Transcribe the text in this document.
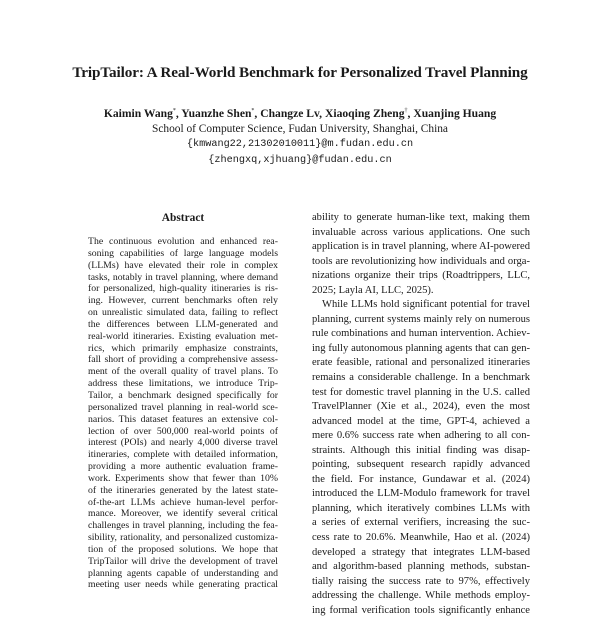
TripTailor: A Real-World Benchmark for Personalized Travel Planning
Kaimin Wang*, Yuanzhe Shen*, Changze Lv, Xiaoqing Zheng†, Xuanjing Huang
School of Computer Science, Fudan University, Shanghai, China
{kmwang22,21302010011}@m.fudan.edu.cn
{zhengxq,xjhuang}@fudan.edu.cn
Abstract
The continuous evolution and enhanced rea-
soning capabilities of large language models
(LLMs) have elevated their role in complex
tasks, notably in travel planning, where demand
for personalized, high-quality itineraries is ris-
ing. However, current benchmarks often rely
on unrealistic simulated data, failing to reflect
the differences between LLM-generated and
real-world itineraries. Existing evaluation met-
rics, which primarily emphasize constraints,
fall short of providing a comprehensive assess-
ment of the overall quality of travel plans. To
address these limitations, we introduce Trip-
Tailor, a benchmark designed specifically for
personalized travel planning in real-world sce-
narios. This dataset features an extensive col-
lection of over 500,000 real-world points of
interest (POIs) and nearly 4,000 diverse travel
itineraries, complete with detailed information,
providing a more authentic evaluation frame-
work. Experiments show that fewer than 10%
of the itineraries generated by the latest state-
of-the-art LLMs achieve human-level perfor-
mance. Moreover, we identify several critical
challenges in travel planning, including the fea-
sibility, rationality, and personalized customiza-
tion of the proposed solutions. We hope that
TripTailor will drive the development of travel
planning agents capable of understanding and
meeting user needs while generating practical
ability to generate human-like text, making them
invaluable across various applications. One such
application is in travel planning, where AI-powered
tools are revolutionizing how individuals and orga-
nizations organize their trips (Roadtrippers, LLC,
2025; Layla AI, LLC, 2025).
While LLMs hold significant potential for travel
planning, current systems mainly rely on numerous
rule combinations and human intervention. Achiev-
ing fully autonomous planning agents that can gen-
erate feasible, rational and personalized itineraries
remains a considerable challenge. In a benchmark
test for domestic travel planning in the U.S. called
TravelPlanner (Xie et al., 2024), even the most
advanced model at the time, GPT-4, achieved a
mere 0.6% success rate when adhering to all con-
straints. Although this initial finding was disap-
pointing, subsequent research rapidly advanced
the field. For instance, Gundawar et al. (2024)
introduced the LLM-Modulo framework for travel
planning, which iteratively combines LLMs with
a series of external verifiers, increasing the suc-
cess rate to 20.6%. Meanwhile, Hao et al. (2024)
developed a strategy that integrates LLM-based
and algorithm-based planning methods, substan-
tially raising the success rate to 97%, effectively
addressing the challenge. While methods employ-
ing formal verification tools significantly enhance
